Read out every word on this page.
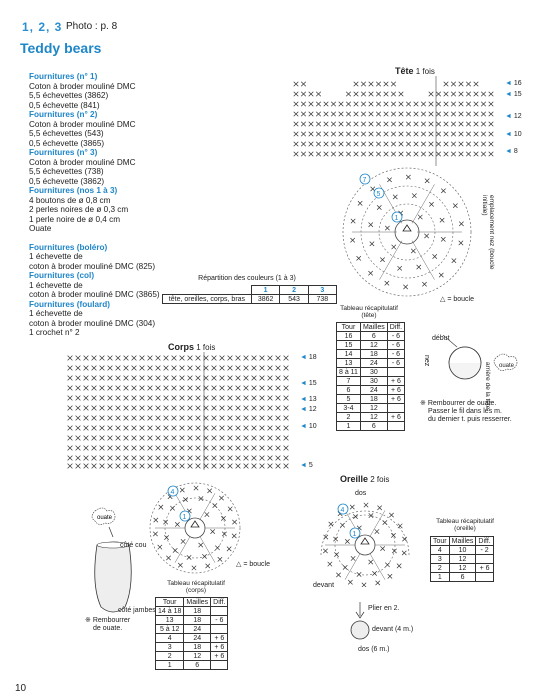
1, 2, 3 Photo : p. 8
Teddy bears
Fournitures (n° 1)
Coton à broder mouliné DMC
5,5 échevettes (3862)
0,5 échevette (841)
Fournitures (n° 2)
Coton à broder mouliné DMC
5,5 échevettes (543)
0,5 échevette (3865)
Fournitures (n° 3)
Coton à broder mouliné DMC
5,5 échevettes (738)
0,5 échevette (3862)
Fournitures (nos 1 à 3)
4 boutons de ø 0,8 cm
2 perles noires de ø 0,3 cm
1 perle noire de ø 0,4 cm
Ouate
Fournitures (boléro)
1 échevette de
coton à broder mouliné DMC (825)
Fournitures (col)
1 échevette de
coton à broder mouliné DMC (3865)
Fournitures (foulard)
1 échevette de
coton à broder mouliné DMC (304)
1 crochet n° 2
Répartition des couleurs (1 à 3)
	1	2	3
tête, oreilles, corps, bras	3862	543	738
Tête 1 fois
◄ 16
◄ 15
◄ 12
◄ 10
◄ 8
7
5
1	emplacement nez (boucle initiale)
△ = boucle
Tableau récapitulatif
(tête)
Tour	Mailles	Diff.
16	6	- 6
15	12	- 6
14	18	- 6
13	24	- 6
8 à 11	30	
7	30	+ 6
6	24	+ 6
5	18	+ 6
3-4	12	
2	12	+ 6
1	6	
début
nez	ouate
arrière de la tête
※ Rembourrer de ouate.
Passer le fil dans les m.
du dernier t. puis resserrer.
Corps 1 fois
◄ 18
◄ 15
◄ 13
◄ 12
◄ 10
◄ 5
4
1
△ = boucle
ouate
côté cou
côté jambes
※ Rembourrer
de ouate.
Tableau récapitulatif
(corps)
Tour	Mailles	Diff.
14 à 18	18	
13	18	- 6
5 à 12	24	
4	24	+ 6
3	18	+ 6
2	12	+ 6
1	6	
Oreille 2 fois
dos
4
1
devant
Tableau récapitulatif
(oreille)
Tour	Mailles	Diff.
4	10	- 2
3	12	
2	12	+ 6
1	6	
Plier en 2.
devant (4 m.)
dos (6 m.)
10
